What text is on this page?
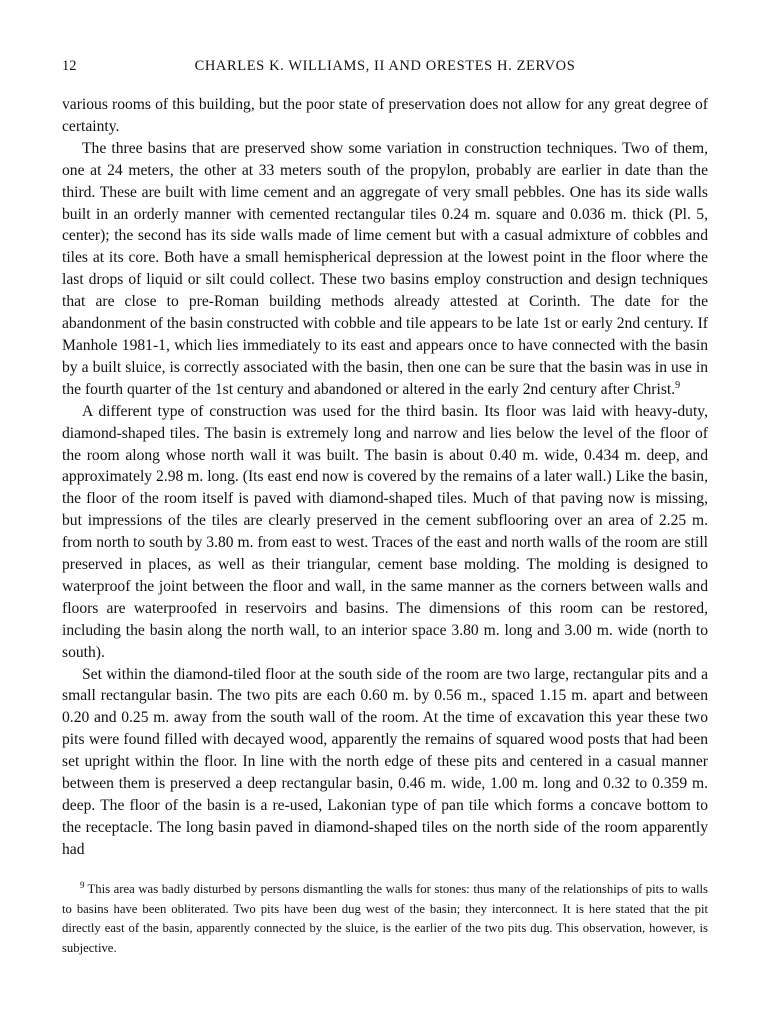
12	CHARLES K. WILLIAMS, II AND ORESTES H. ZERVOS

various rooms of this building, but the poor state of preservation does not allow for any great degree of certainty.

The three basins that are preserved show some variation in construction techniques. Two of them, one at 24 meters, the other at 33 meters south of the propylon, probably are earlier in date than the third. These are built with lime cement and an aggregate of very small pebbles. One has its side walls built in an orderly manner with cemented rectangular tiles 0.24 m. square and 0.036 m. thick (Pl. 5, center); the second has its side walls made of lime cement but with a casual admixture of cobbles and tiles at its core. Both have a small hemispherical depression at the lowest point in the floor where the last drops of liquid or silt could collect. These two basins employ construction and design techniques that are close to pre-Roman building methods already attested at Corinth. The date for the abandonment of the basin constructed with cobble and tile appears to be late 1st or early 2nd century. If Manhole 1981-1, which lies immediately to its east and appears once to have connected with the basin by a built sluice, is correctly associated with the basin, then one can be sure that the basin was in use in the fourth quarter of the 1st century and abandoned or altered in the early 2nd century after Christ.$^9$

A different type of construction was used for the third basin. Its floor was laid with heavy-duty, diamond-shaped tiles. The basin is extremely long and narrow and lies below the level of the floor of the room along whose north wall it was built. The basin is about 0.40 m. wide, 0.434 m. deep, and approximately 2.98 m. long. (Its east end now is covered by the remains of a later wall.) Like the basin, the floor of the room itself is paved with diamond-shaped tiles. Much of that paving now is missing, but impressions of the tiles are clearly preserved in the cement subflooring over an area of 2.25 m. from north to south by 3.80 m. from east to west. Traces of the east and north walls of the room are still preserved in places, as well as their triangular, cement base molding. The molding is designed to waterproof the joint between the floor and wall, in the same manner as the corners between walls and floors are waterproofed in reservoirs and basins. The dimensions of this room can be restored, including the basin along the north wall, to an interior space 3.80 m. long and 3.00 m. wide (north to south).

Set within the diamond-tiled floor at the south side of the room are two large, rectangular pits and a small rectangular basin. The two pits are each 0.60 m. by 0.56 m., spaced 1.15 m. apart and between 0.20 and 0.25 m. away from the south wall of the room. At the time of excavation this year these two pits were found filled with decayed wood, apparently the remains of squared wood posts that had been set upright within the floor. In line with the north edge of these pits and centered in a casual manner between them is preserved a deep rectangular basin, 0.46 m. wide, 1.00 m. long and 0.32 to 0.359 m. deep. The floor of the basin is a re-used, Lakonian type of pan tile which forms a concave bottom to the receptacle. The long basin paved in diamond-shaped tiles on the north side of the room apparently had

$^9$ This area was badly disturbed by persons dismantling the walls for stones: thus many of the relationships of pits to walls to basins have been obliterated. Two pits have been dug west of the basin; they interconnect. It is here stated that the pit directly east of the basin, apparently connected by the sluice, is the earlier of the two pits dug. This observation, however, is subjective.
